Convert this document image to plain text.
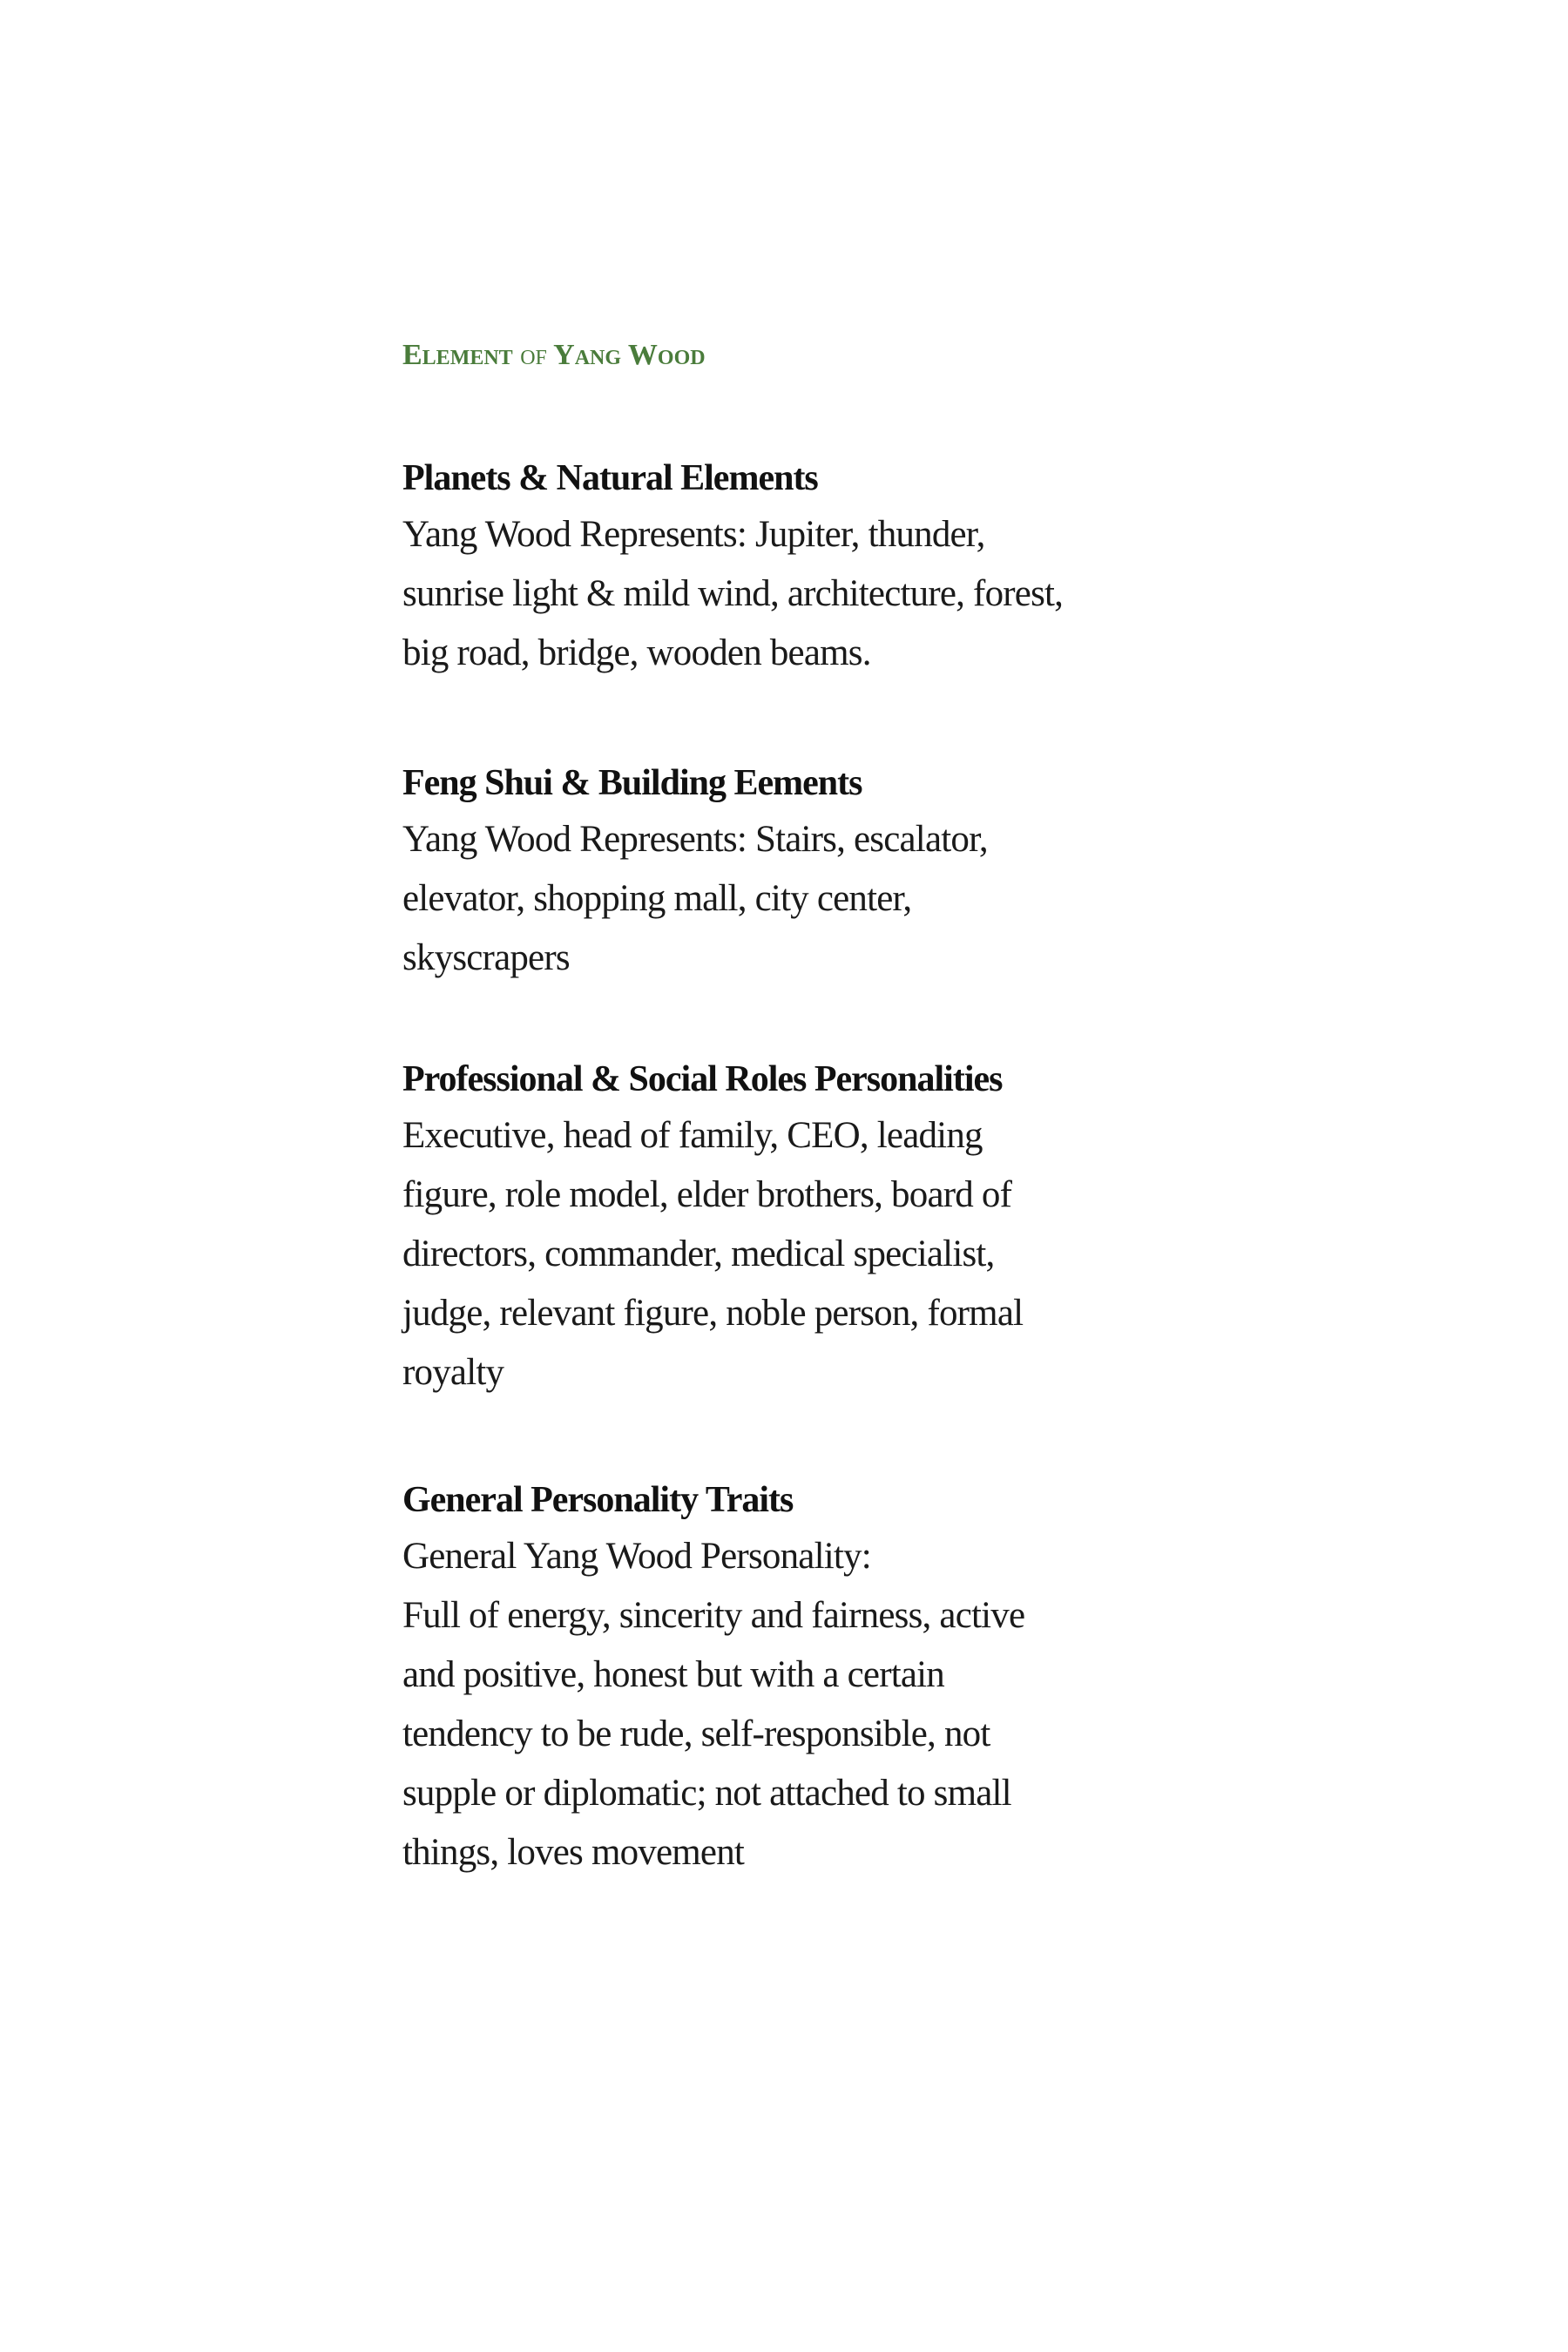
Element of Yang Wood
Planets & Natural Elements

Yang Wood Represents: Jupiter, thunder,

sunrise light & mild wind, architecture, forest,

big road, bridge, wooden beams.

Feng Shui & Building Eements

Yang Wood Represents: Stairs, escalator,

elevator, shopping mall, city center,

skyscrapers

Professional & Social Roles Personalities

Executive, head of family, CEO, leading

figure, role model, elder brothers, board of

directors, commander, medical specialist,

judge, relevant figure, noble person, formal

royalty

General Personality Traits

General Yang Wood Personality:

Full of energy, sincerity and fairness, active

and positive, honest but with a certain

tendency to be rude, self-responsible, not

supple or diplomatic; not attached to small

things, loves movement
